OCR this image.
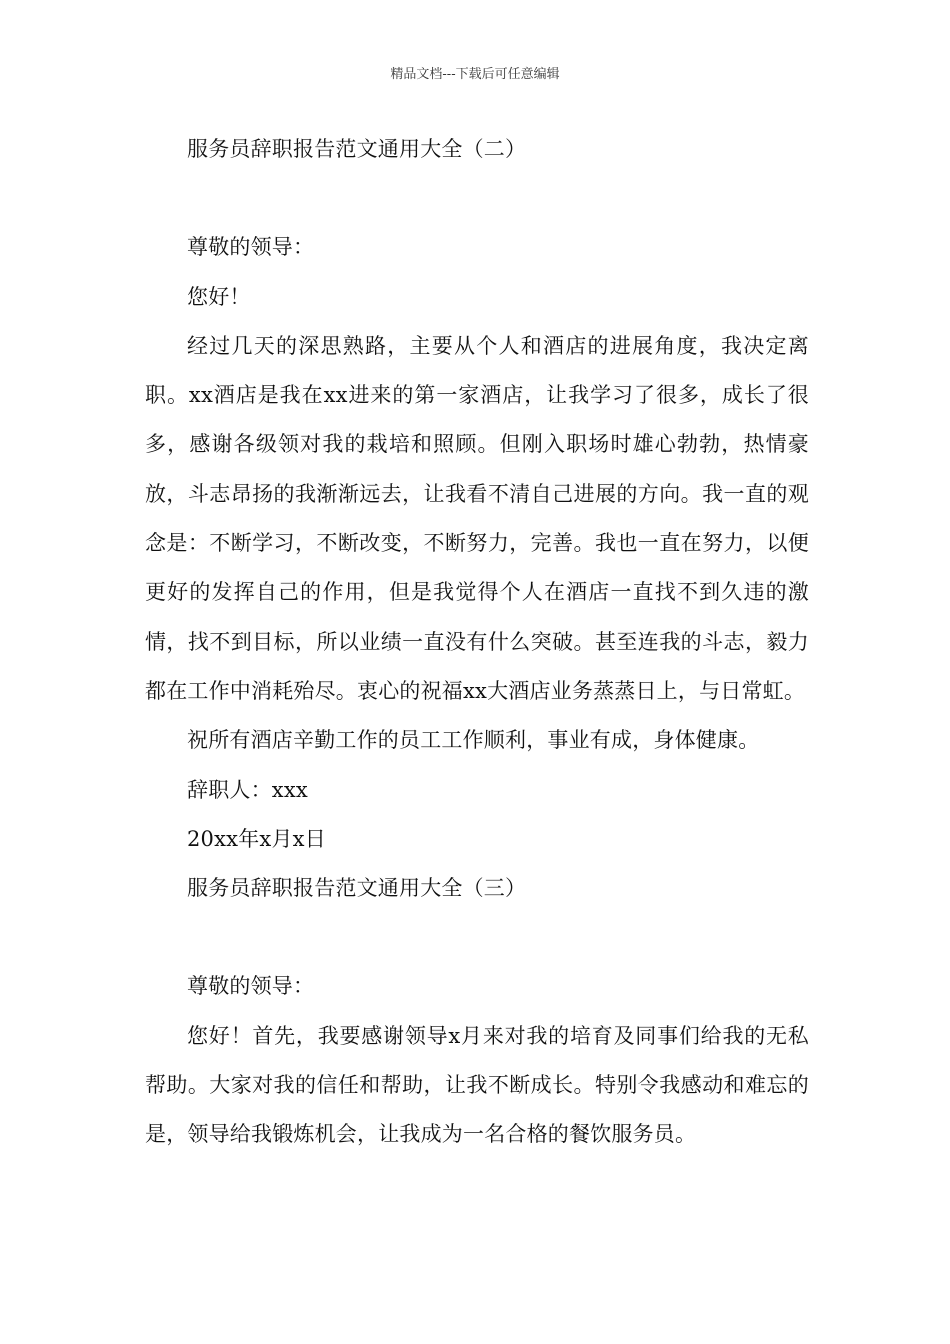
精品文档---下载后可任意编辑

服务员辞职报告范文通用大全（二）

尊敬的领导：

您好！

经过几天的深思熟路，主要从个人和酒店的进展角度，我决定离职。xx酒店是我在xx进来的第一家酒店，让我学习了很多，成长了很多，感谢各级领对我的栽培和照顾。但刚入职场时雄心勃勃，热情豪放，斗志昂扬的我渐渐远去，让我看不清自己进展的方向。我一直的观念是：不断学习，不断改变，不断努力，完善。我也一直在努力，以便更好的发挥自己的作用，但是我觉得个人在酒店一直找不到久违的激情，找不到目标，所以业绩一直没有什么突破。甚至连我的斗志，毅力都在工作中消耗殆尽。衷心的祝福xx大酒店业务蒸蒸日上，与日常虹。

祝所有酒店辛勤工作的员工工作顺利，事业有成，身体健康。

辞职人：xxx

20xx年x月x日

服务员辞职报告范文通用大全（三）

尊敬的领导：

您好！首先，我要感谢领导x月来对我的培育及同事们给我的无私帮助。大家对我的信任和帮助，让我不断成长。特别令我感动和难忘的是，领导给我锻炼机会，让我成为一名合格的餐饮服务员。
